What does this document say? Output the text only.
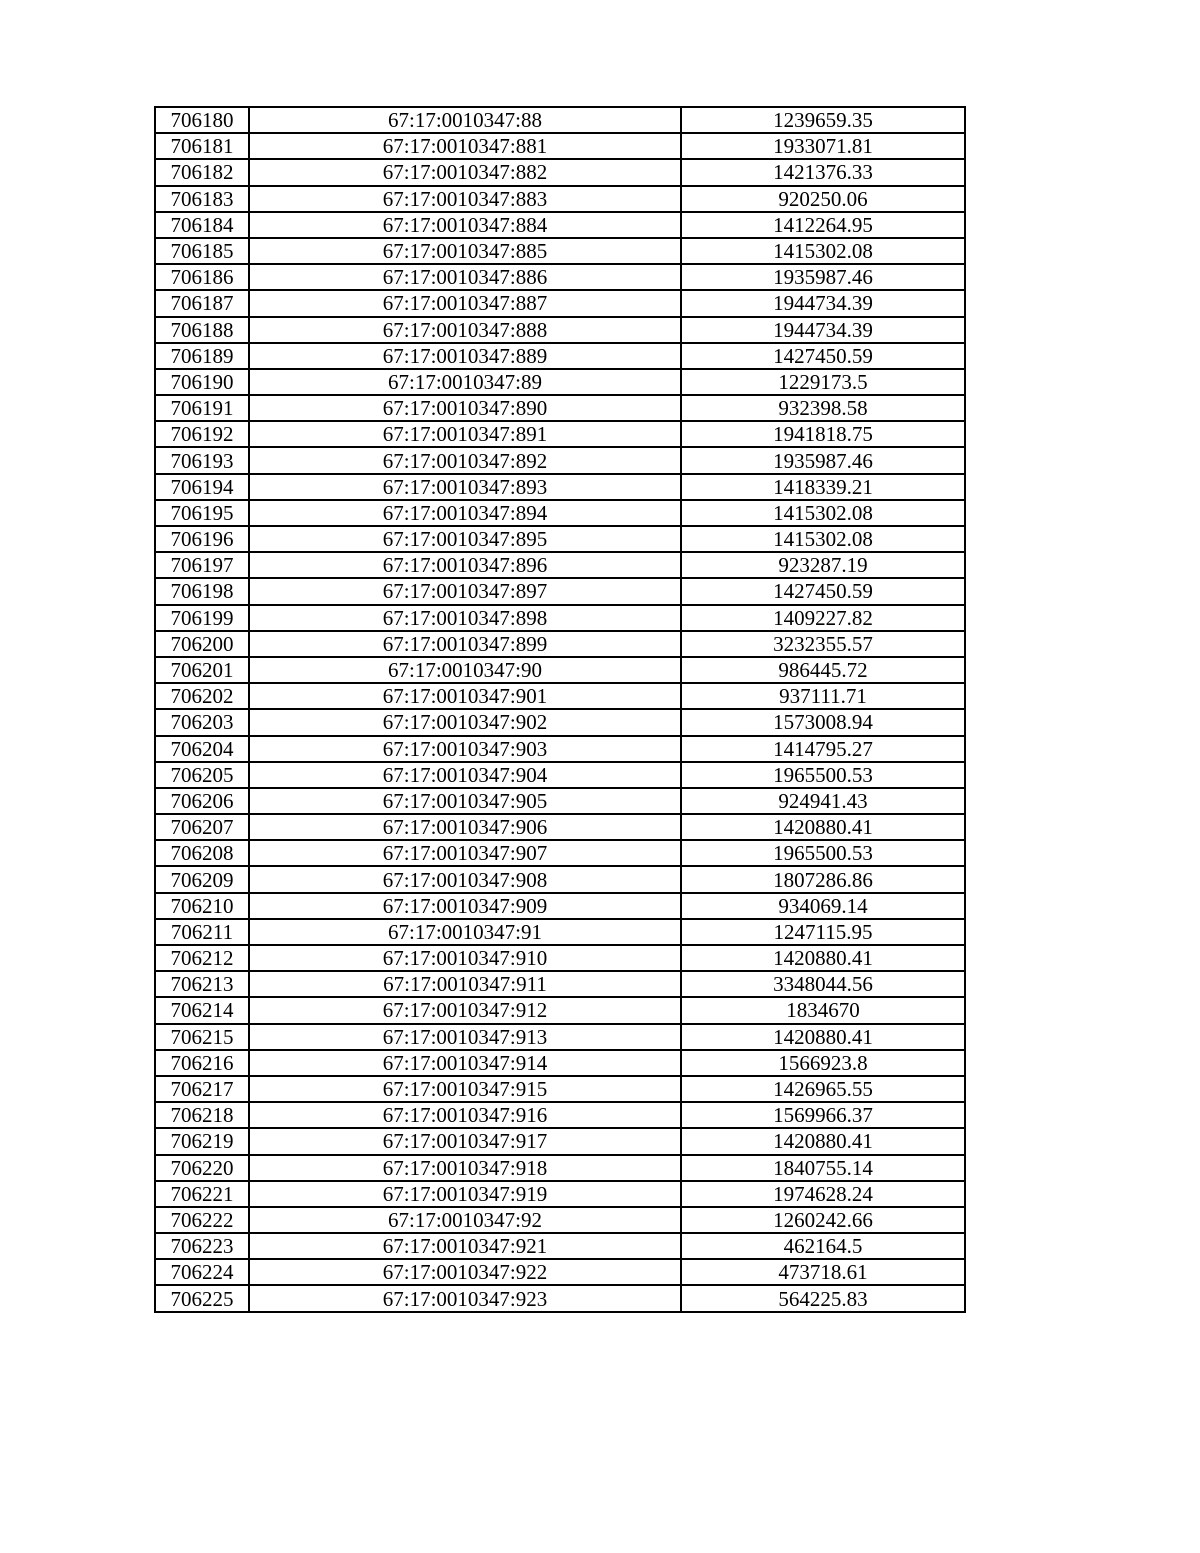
706180	67:17:0010347:88	1239659.35
706181	67:17:0010347:881	1933071.81
706182	67:17:0010347:882	1421376.33
706183	67:17:0010347:883	920250.06
706184	67:17:0010347:884	1412264.95
706185	67:17:0010347:885	1415302.08
706186	67:17:0010347:886	1935987.46
706187	67:17:0010347:887	1944734.39
706188	67:17:0010347:888	1944734.39
706189	67:17:0010347:889	1427450.59
706190	67:17:0010347:89	1229173.5
706191	67:17:0010347:890	932398.58
706192	67:17:0010347:891	1941818.75
706193	67:17:0010347:892	1935987.46
706194	67:17:0010347:893	1418339.21
706195	67:17:0010347:894	1415302.08
706196	67:17:0010347:895	1415302.08
706197	67:17:0010347:896	923287.19
706198	67:17:0010347:897	1427450.59
706199	67:17:0010347:898	1409227.82
706200	67:17:0010347:899	3232355.57
706201	67:17:0010347:90	986445.72
706202	67:17:0010347:901	937111.71
706203	67:17:0010347:902	1573008.94
706204	67:17:0010347:903	1414795.27
706205	67:17:0010347:904	1965500.53
706206	67:17:0010347:905	924941.43
706207	67:17:0010347:906	1420880.41
706208	67:17:0010347:907	1965500.53
706209	67:17:0010347:908	1807286.86
706210	67:17:0010347:909	934069.14
706211	67:17:0010347:91	1247115.95
706212	67:17:0010347:910	1420880.41
706213	67:17:0010347:911	3348044.56
706214	67:17:0010347:912	1834670
706215	67:17:0010347:913	1420880.41
706216	67:17:0010347:914	1566923.8
706217	67:17:0010347:915	1426965.55
706218	67:17:0010347:916	1569966.37
706219	67:17:0010347:917	1420880.41
706220	67:17:0010347:918	1840755.14
706221	67:17:0010347:919	1974628.24
706222	67:17:0010347:92	1260242.66
706223	67:17:0010347:921	462164.5
706224	67:17:0010347:922	473718.61
706225	67:17:0010347:923	564225.83
